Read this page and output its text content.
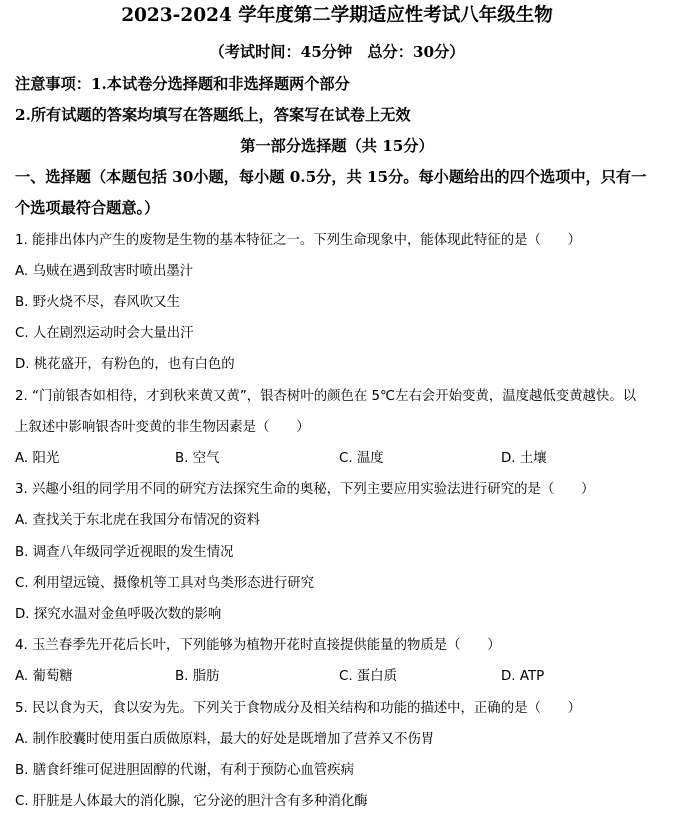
2023-2024 学年度第二学期适应性考试八年级生物
（考试时间：45分钟　总分：30分）
注意事项：1.本试卷分选择题和非选择题两个部分
2.所有试题的答案均填写在答题纸上，答案写在试卷上无效
第一部分选择题（共 15分）
一、选择题（本题包括 30小题，每小题 0.5分，共 15分。每小题给出的四个选项中，只有一
个选项最符合题意。）
1. 能排出体内产生的废物是生物的基本特征之一。下列生命现象中，能体现此特征的是（　　）
A. 乌贼在遇到敌害时喷出墨汁
B. 野火烧不尽，春风吹又生
C. 人在剧烈运动时会大量出汗
D. 桃花盛开，有粉色的，也有白色的
2. “门前银杏如相待，才到秋来黄又黄”，银杏树叶的颜色在 5℃左右会开始变黄，温度越低变黄越快。以
上叙述中影响银杏叶变黄的非生物因素是（　　）
A. 阳光	B. 空气	C. 温度	D. 土壤
3. 兴趣小组的同学用不同的研究方法探究生命的奥秘，下列主要应用实验法进行研究的是（　　）
A. 查找关于东北虎在我国分布情况的资料
B. 调查八年级同学近视眼的发生情况
C. 利用望远镜、摄像机等工具对鸟类形态进行研究
D. 探究水温对金鱼呼吸次数的影响
4. 玉兰春季先开花后长叶，下列能够为植物开花时直接提供能量的物质是（　　）
A. 葡萄糖	B. 脂肪	C. 蛋白质	D. ATP
5. 民以食为天，食以安为先。下列关于食物成分及相关结构和功能的描述中，正确的是（　　）
A. 制作胶囊时使用蛋白质做原料，最大的好处是既增加了营养又不伤胃
B. 膳食纤维可促进胆固醇的代谢，有利于预防心血管疾病
C. 肝脏是人体最大的消化腺，它分泌的胆汁含有多种消化酶
